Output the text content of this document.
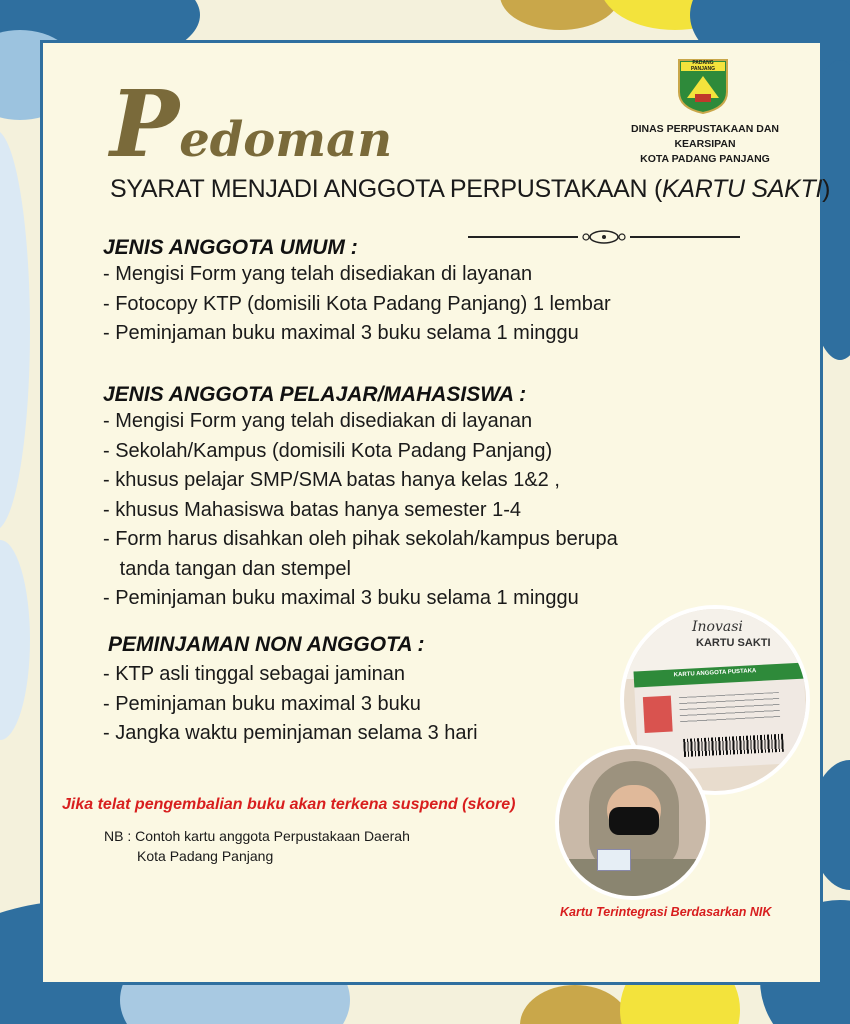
Pedoman
SYARAT MENJADI ANGGOTA PERPUSTAKAAN (KARTU SAKTI)
PADANG PANJANG
DINAS PERPUSTAKAAN DAN KEARSIPAN
KOTA PADANG PANJANG
JENIS ANGGOTA UMUM :
- Mengisi Form yang telah disediakan di layanan
- Fotocopy KTP (domisili Kota Padang Panjang) 1 lembar
- Peminjaman buku maximal 3 buku selama 1 minggu
JENIS ANGGOTA PELAJAR/MAHASISWA :
- Mengisi Form yang telah disediakan di layanan
- Sekolah/Kampus (domisili Kota Padang Panjang)
- khusus pelajar SMP/SMA batas hanya kelas 1&2 ,
- khusus Mahasiswa batas hanya semester 1-4
- Form harus disahkan oleh pihak sekolah/kampus berupa
tanda tangan dan stempel
- Peminjaman buku maximal 3 buku selama 1 minggu
PEMINJAMAN NON ANGGOTA :
- KTP asli tinggal sebagai jaminan
- Peminjaman buku maximal 3 buku
- Jangka waktu peminjaman selama 3 hari
Jika telat pengembalian buku akan terkena suspend (skore)
NB : Contoh kartu anggota Perpustakaan Daerah
Kota Padang Panjang
Inovasi
KARTU SAKTI
KARTU ANGGOTA PUSTAKA
Kartu Terintegrasi Berdasarkan NIK
